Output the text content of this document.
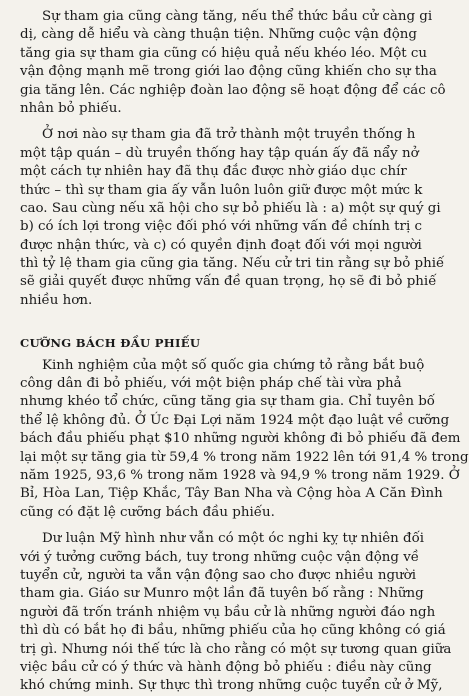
Sự tham gia cũng càng tăng, nếu thể thức bầu cử càng gi
dị, càng dễ hiểu và càng thuận tiện. Những cuộc vận động
tăng gia sự tham gia cũng có hiệu quả nếu khéo léo. Một cu
vận động mạnh mẽ trong giới lao động cũng khiến cho sự tha
gia tăng lên. Các nghiệp đoàn lao động sẽ hoạt động để các cô
nhân bỏ phiếu.
Ở nơi nào sự tham gia đã trở thành một truyền thống h
một tập quán – dù truyền thống hay tập quán ấy đã nẩy nở
một cách tự nhiên hay đã thụ đắc được nhờ giáo dục chír
thức – thì sự tham gia ấy vẫn luôn luôn giữ được một mức k
cao. Sau cùng nếu xã hội cho sự bỏ phiếu là : a) một sự quý gi
b) có ích lợi trong việc đối phó với những vấn đề chính trị c
được nhận thức, và c) có quyền định đoạt đối với mọi người
thì tỷ lệ tham gia cũng gia tăng. Nếu cử tri tin rằng sự bỏ phiế
sẽ giải quyết được những vấn đề quan trọng, họ sẽ đi bỏ phiế
nhiều hơn.
CƯỠNG BÁCH ĐẦU PHIẾU
Kinh nghiệm của một số quốc gia chứng tỏ rằng bắt buộ
công dân đi bỏ phiếu, với một biện pháp chế tài vừa phả
nhưng khéo tổ chức, cũng tăng gia sự tham gia. Chỉ tuyên bố
thể lệ không đủ. Ở Úc Đại Lợi năm 1924 một đạo luật về cưỡng
bách đầu phiếu phạt $10 những người không đi bỏ phiếu đã đem
lại một sự tăng gia từ 59,4 % trong năm 1922 lên tới 91,4 % trong
năm 1925, 93,6 % trong năm 1928 và 94,9 % trong năm 1929. Ở
Bỉ, Hòa Lan, Tiệp Khắc, Tây Ban Nha và Cộng hòa A Căn Đình
cũng có đặt lệ cưỡng bách đầu phiếu.
Dư luận Mỹ hình như vẫn có một óc nghi kỵ tự nhiên đối
với ý tưởng cưỡng bách, tuy trong những cuộc vận động về
tuyển cử, người ta vẫn vận động sao cho được nhiều người
tham gia. Giáo sư Munro một lần đã tuyên bố rằng : Những
người đã trốn tránh nhiệm vụ bầu cử là những người đáo ngh
thì dù có bắt họ đi bầu, những phiếu của họ cũng không có giá
trị gì. Nhưng nói thế tức là cho rằng có một sự tương quan giữa
việc bầu cử có ý thức và hành động bỏ phiếu : điều này cũng
khó chứng minh. Sự thực thì trong những cuộc tuyển cử ở Mỹ,
